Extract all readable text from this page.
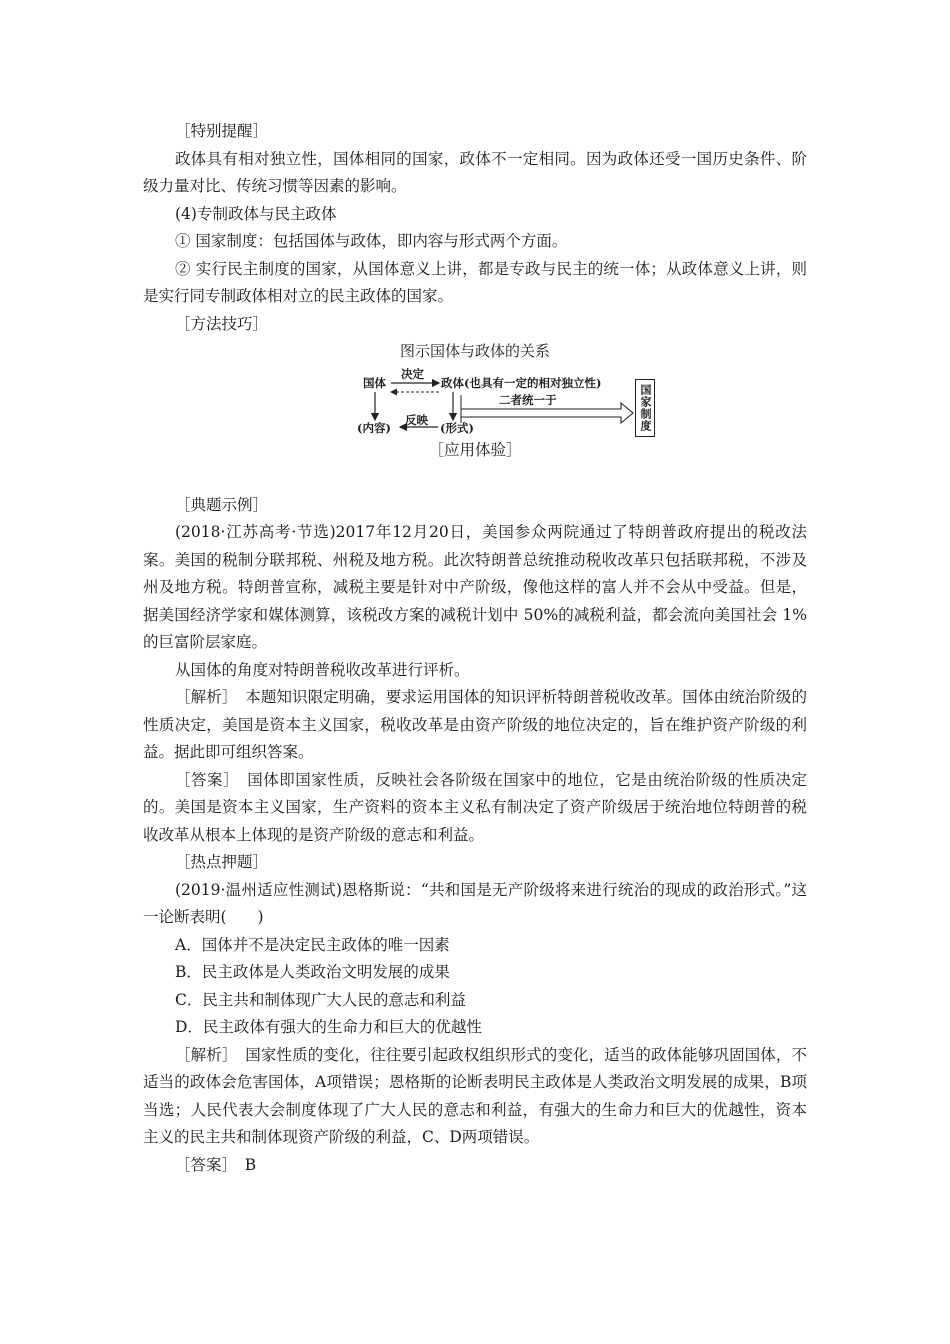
［特别提醒］

政体具有相对独立性，国体相同的国家，政体不一定相同。因为政体还受一国历史条件、阶级力量对比、传统习惯等因素的影响。

(4)专制政体与民主政体

① 国家制度：包括国体与政体，即内容与形式两个方面。

② 实行民主制度的国家，从国体意义上讲，都是专政与民主的统一体；从政体意义上讲，则是实行同专制政体相对立的民主政体的国家。

［方法技巧］

图示国体与政体的关系

国体
决定
政体(也具有一定的相对独立性)
二者统一于	国家制度
(内容)
反映
(形式)

［应用体验］

［典题示例］

(2018·江苏高考·节选)2017年12月20日，美国参众两院通过了特朗普政府提出的税改法案。美国的税制分联邦税、州税及地方税。此次特朗普总统推动税收改革只包括联邦税，不涉及州及地方税。特朗普宣称，减税主要是针对中产阶级，像他这样的富人并不会从中受益。但是，据美国经济学家和媒体测算，该税改方案的减税计划中 50%的减税利益，都会流向美国社会 1%的巨富阶层家庭。

从国体的角度对特朗普税收改革进行评析。

［解析］　本题知识限定明确，要求运用国体的知识评析特朗普税收改革。国体由统治阶级的性质决定，美国是资本主义国家，税收改革是由资产阶级的地位决定的，旨在维护资产阶级的利益。据此即可组织答案。

［答案］　国体即国家性质，反映社会各阶级在国家中的地位，它是由统治阶级的性质决定的。美国是资本主义国家，生产资料的资本主义私有制决定了资产阶级居于统治地位特朗普的税收改革从根本上体现的是资产阶级的意志和利益。

［热点押题］

(2019·温州适应性测试)恩格斯说：“共和国是无产阶级将来进行统治的现成的政治形式。”这一论断表明(　　)

A．国体并不是决定民主政体的唯一因素

B．民主政体是人类政治文明发展的成果

C．民主共和制体现广大人民的意志和利益

D．民主政体有强大的生命力和巨大的优越性

［解析］　国家性质的变化，往往要引起政权组织形式的变化，适当的政体能够巩固国体，不适当的政体会危害国体，A项错误；恩格斯的论断表明民主政体是人类政治文明发展的成果，B项当选；人民代表大会制度体现了广大人民的意志和利益，有强大的生命力和巨大的优越性，资本主义的民主共和制体现资产阶级的利益，C、D两项错误。

［答案］　B
